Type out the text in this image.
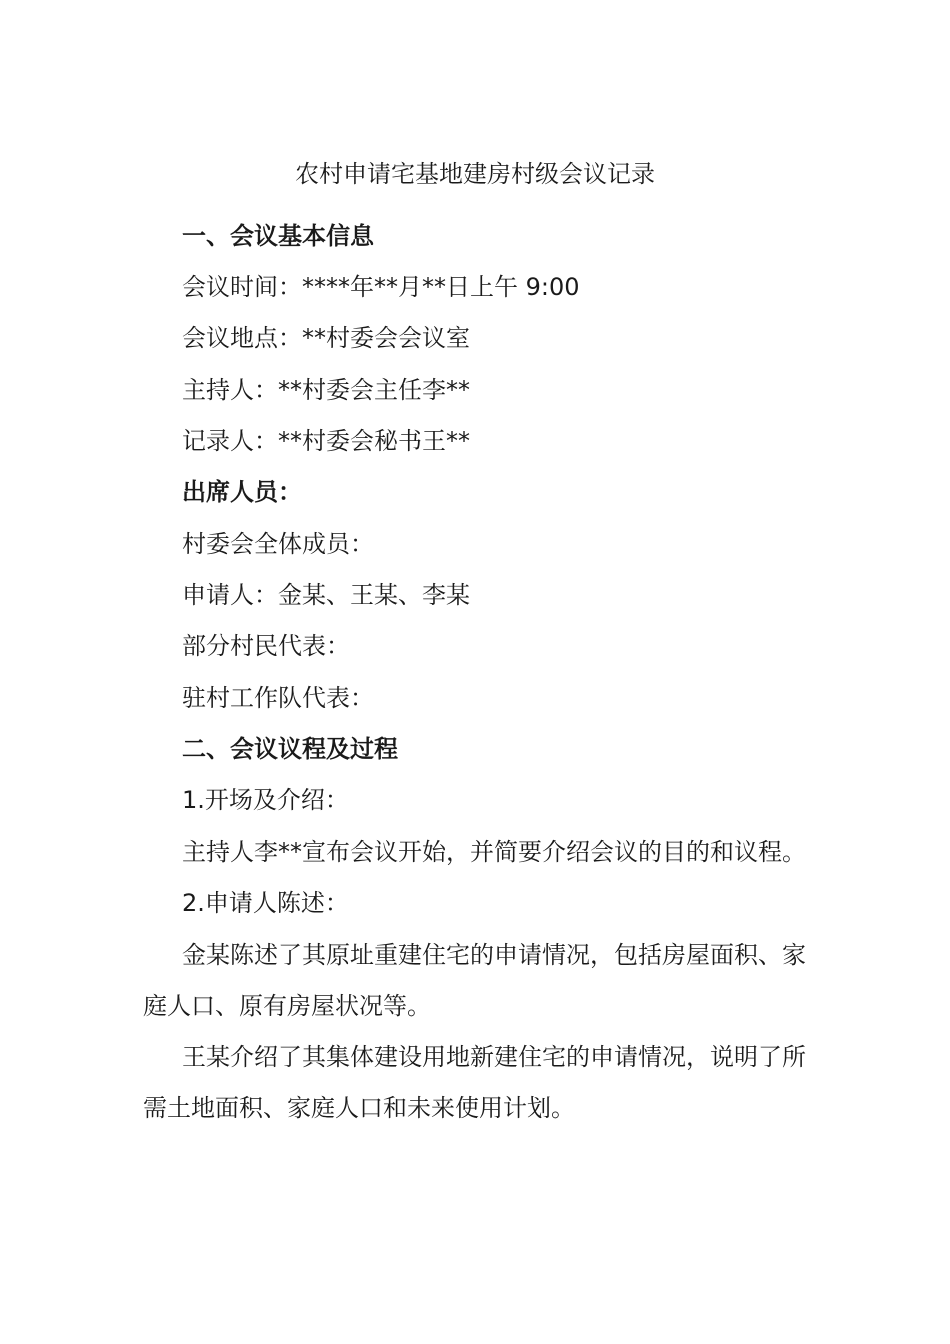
农村申请宅基地建房村级会议记录

一、会议基本信息

会议时间：****年**月**日上午 9:00

会议地点：**村委会会议室

主持人：**村委会主任李**

记录人：**村委会秘书王**

出席人员：

村委会全体成员：

申请人：金某、王某、李某

部分村民代表：

驻村工作队代表：

二、会议议程及过程

1.开场及介绍：

主持人李**宣布会议开始，并简要介绍会议的目的和议程。

2.申请人陈述：

金某陈述了其原址重建住宅的申请情况，包括房屋面积、家

庭人口、原有房屋状况等。

王某介绍了其集体建设用地新建住宅的申请情况，说明了所

需土地面积、家庭人口和未来使用计划。
